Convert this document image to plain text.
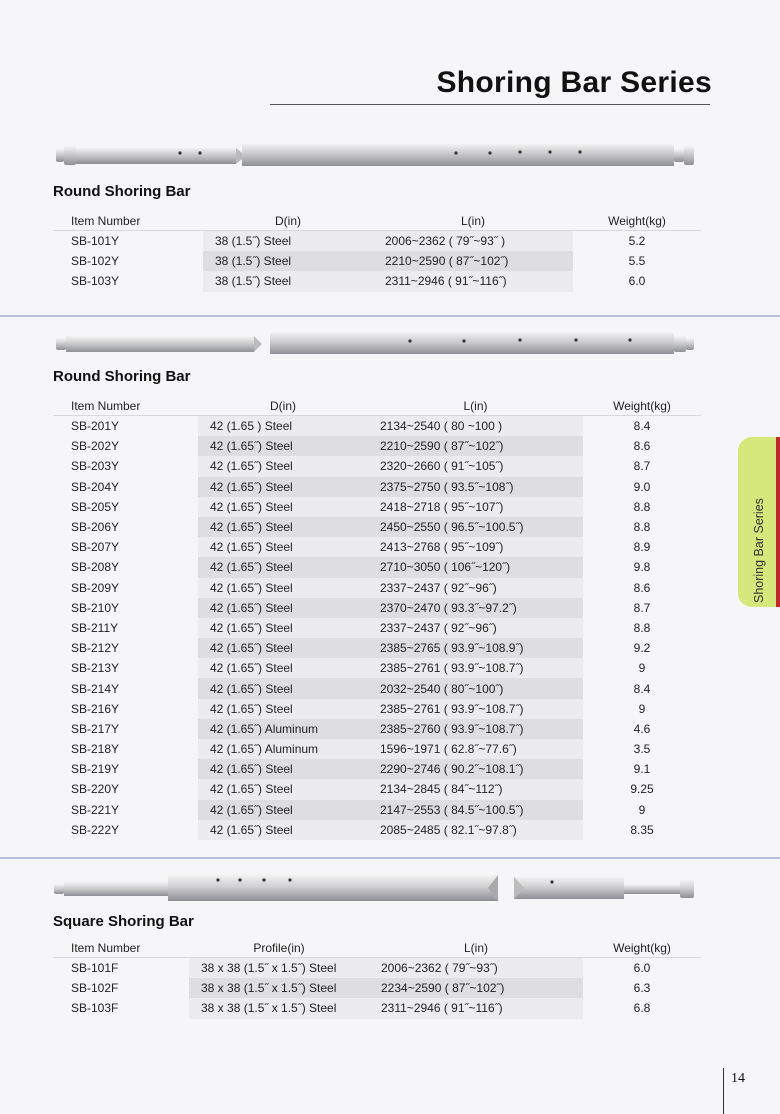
Shoring Bar Series
Round Shoring Bar
Item Number	D(in)	L(in)	Weight(kg)
SB-101Y	38 (1.5˝) Steel	2006~2362 ( 79˝~93˝ )	5.2
SB-102Y	38 (1.5˝) Steel	2210~2590 ( 87˝~102˝)	5.5
SB-103Y	38 (1.5˝) Steel	2311~2946 ( 91˝~116˝)	6.0
Round Shoring Bar
Item Number	D(in)	L(in)	Weight(kg)
SB-201Y	42 (1.65 ) Steel	2134~2540 ( 80 ~100 )	8.4
SB-202Y	42 (1.65˝) Steel	2210~2590 ( 87˝~102˝)	8.6
SB-203Y	42 (1.65˝) Steel	2320~2660 ( 91˝~105˝)	8.7
SB-204Y	42 (1.65˝) Steel	2375~2750 ( 93.5˝~108˝)	9.0
SB-205Y	42 (1.65˝) Steel	2418~2718 ( 95˝~107˝)	8.8
SB-206Y	42 (1.65˝) Steel	2450~2550 ( 96.5˝~100.5˝)	8.8
SB-207Y	42 (1.65˝) Steel	2413~2768 ( 95˝~109˝)	8.9
SB-208Y	42 (1.65˝) Steel	2710~3050 ( 106˝~120˝)	9.8
SB-209Y	42 (1.65˝) Steel	2337~2437 ( 92˝~96˝)	8.6
SB-210Y	42 (1.65˝) Steel	2370~2470 ( 93.3˝~97.2˝)	8.7
SB-211Y	42 (1.65˝) Steel	2337~2437 ( 92˝~96˝)	8.8
SB-212Y	42 (1.65˝) Steel	2385~2765 ( 93.9˝~108.9˝)	9.2
SB-213Y	42 (1.65˝) Steel	2385~2761 ( 93.9˝~108.7˝)	9
SB-214Y	42 (1.65˝) Steel	2032~2540 ( 80˝~100˝)	8.4
SB-216Y	42 (1.65˝) Steel	2385~2761 ( 93.9˝~108.7˝)	9
SB-217Y	42 (1.65˝) Aluminum	2385~2760 ( 93.9˝~108.7˝)	4.6
SB-218Y	42 (1.65˝) Aluminum	1596~1971 ( 62.8˝~77.6˝)	3.5
SB-219Y	42 (1.65˝) Steel	2290~2746 ( 90.2˝~108.1˝)	9.1
SB-220Y	42 (1.65˝) Steel	2134~2845 ( 84˝~112˝)	9.25
SB-221Y	42 (1.65˝) Steel	2147~2553 ( 84.5˝~100.5˝)	9
SB-222Y	42 (1.65˝) Steel	2085~2485 ( 82.1˝~97.8˝)	8.35
Square Shoring Bar
Item Number	Profile(in)	L(in)	Weight(kg)
SB-101F	38 x 38 (1.5˝ x 1.5˝) Steel	2006~2362 ( 79˝~93˝)	6.0
SB-102F	38 x 38 (1.5˝ x 1.5˝) Steel	2234~2590 ( 87˝~102˝)	6.3
SB-103F	38 x 38 (1.5˝ x 1.5˝) Steel	2311~2946 ( 91˝~116˝)	6.8
Shoring Bar Series
14
